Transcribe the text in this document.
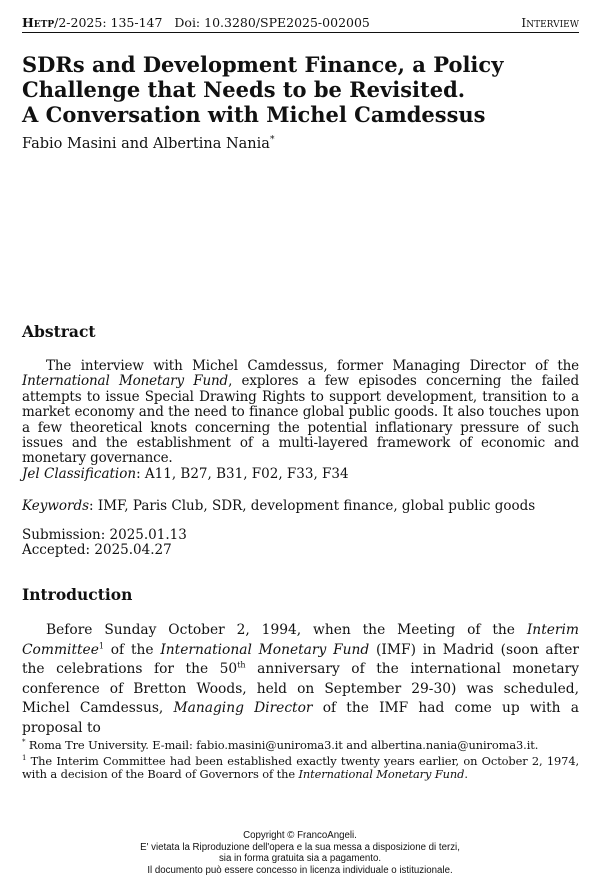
Hetp/2-2025: 135-147 Doi: 10.3280/SPE2025-002005	Interview
SDRs and Development Finance, a Policy
Challenge that Needs to be Revisited.
A Conversation with Michel Camdessus
Fabio Masini and Albertina Nania*
Abstract

The interview with Michel Camdessus, former Managing Director of the International Monetary Fund, explores a few episodes concerning the failed attempts to issue Special Drawing Rights to support development, transition to a market economy and the need to finance global public goods. It also touches upon a few theoretical knots concerning the potential inflationary pressure of such issues and the establishment of a multi-layered framework of economic and monetary governance.

Jel Classification: A11, B27, B31, F02, F33, F34
Keywords: IMF, Paris Club, SDR, development finance, global public goods
Submission: 2025.01.13
Accepted: 2025.04.27
Introduction

Before Sunday October 2, 1994, when the Meeting of the Interim Committee$^1$ of the International Monetary Fund (IMF) in Madrid (soon after the celebrations for the 50th anniversary of the international monetary conference of Bretton Woods, held on September 29-30) was scheduled, Michel Camdessus, Managing Director of the IMF had come up with a proposal to

* Roma Tre University. E-mail: fabio.masini@uniroma3.it and albertina.nania@uniroma3.it.

$^1$ The Interim Committee had been established exactly twenty years earlier, on October 2, 1974, with a decision of the Board of Governors of the International Monetary Fund.

Copyright © FrancoAngeli.
E' vietata la Riproduzione dell'opera e la sua messa a disposizione di terzi,
sia in forma gratuita sia a pagamento.
Il documento può essere concesso in licenza individuale o istituzionale.
